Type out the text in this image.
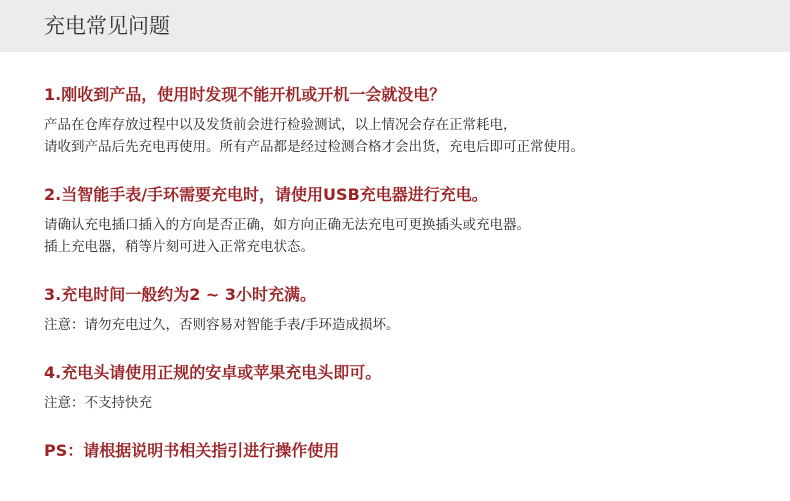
充电常见问题
1.刚收到产品，使用时发现不能开机或开机一会就没电？
产品在仓库存放过程中以及发货前会进行检验测试，以上情况会存在正常耗电，
请收到产品后先充电再使用。所有产品都是经过检测合格才会出货，充电后即可正常使用。
2.当智能手表/手环需要充电时，请使用USB充电器进行充电。
请确认充电插口插入的方向是否正确，如方向正确无法充电可更换插头或充电器。
插上充电器，稍等片刻可进入正常充电状态。
3.充电时间一般约为2 ~ 3小时充满。
注意：请勿充电过久，否则容易对智能手表/手环造成损坏。
4.充电头请使用正规的安卓或苹果充电头即可。
注意：不支持快充
PS：请根据说明书相关指引进行操作使用
